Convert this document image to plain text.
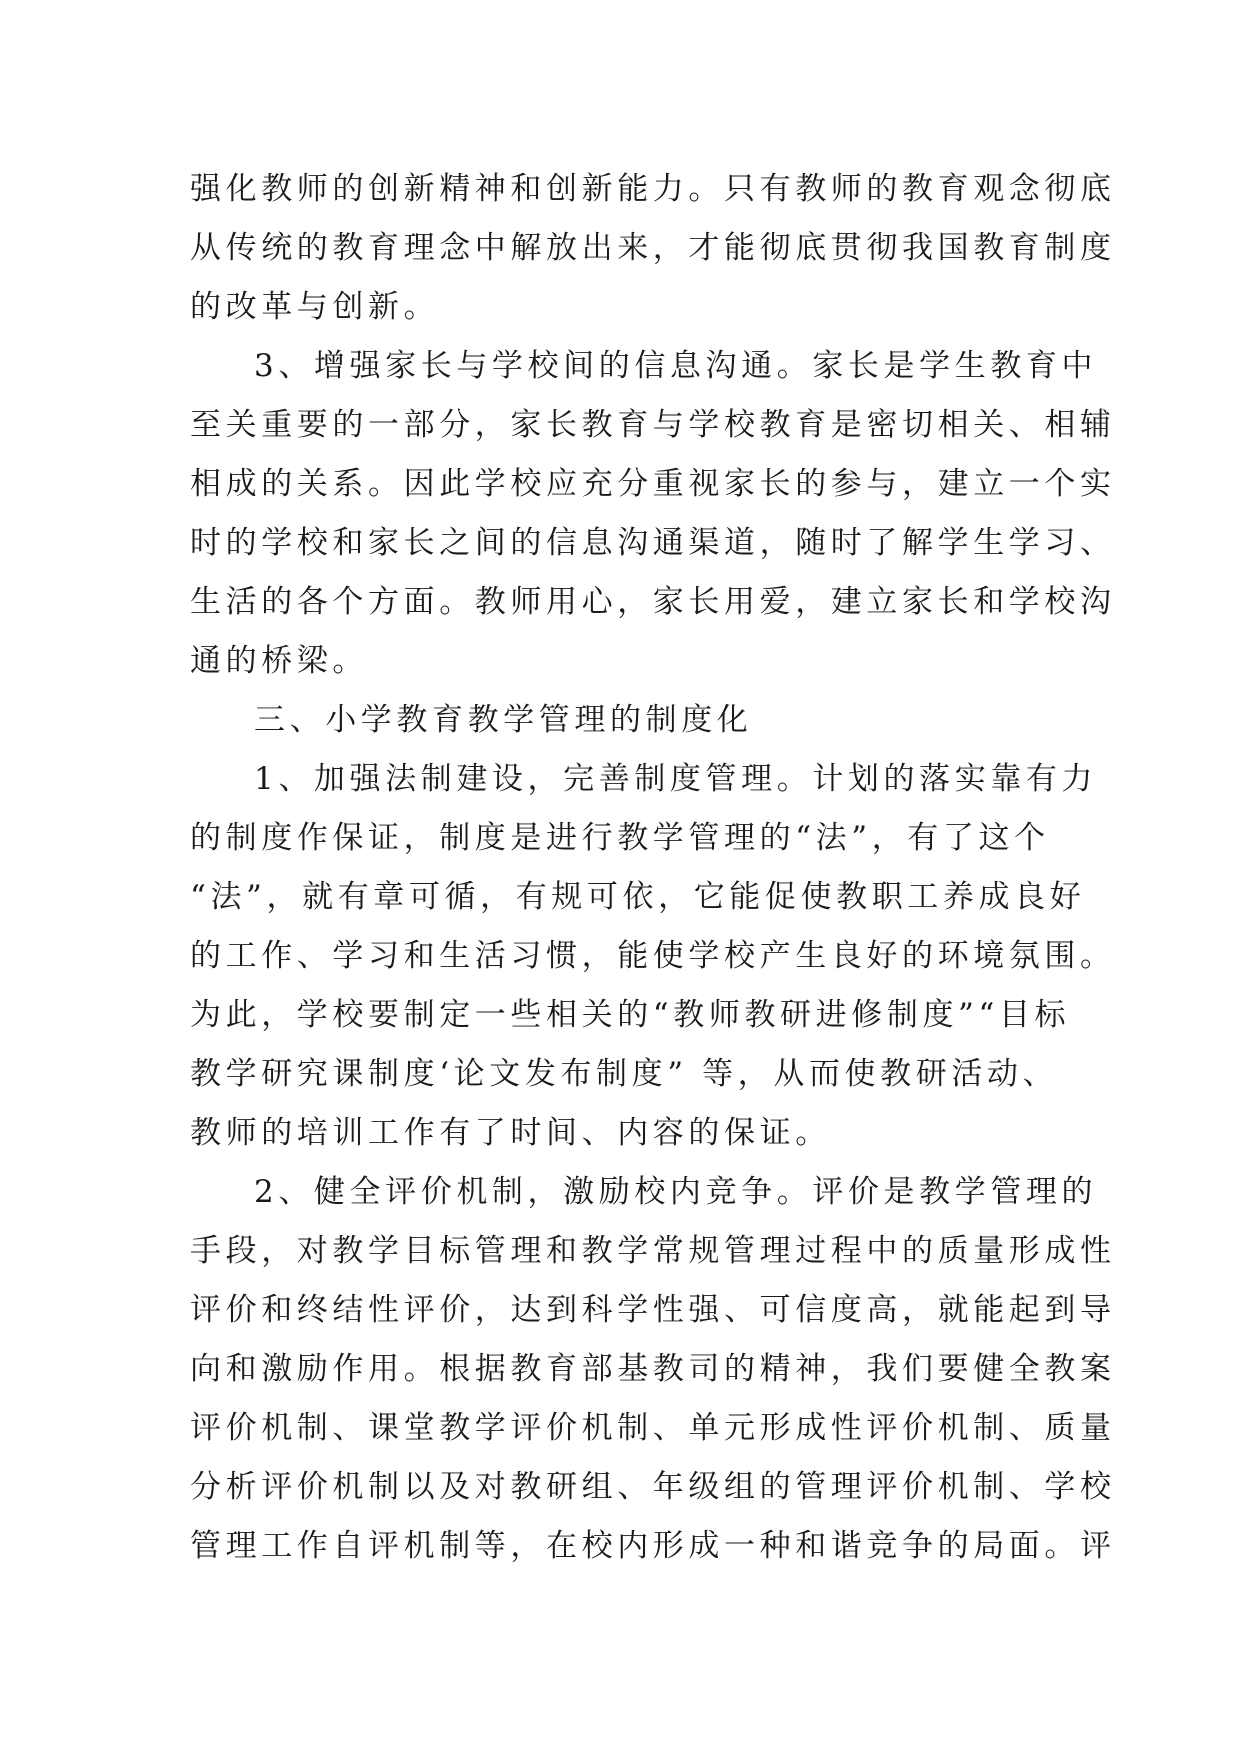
强化教师的创新精神和创新能力。只有教师的教育观念彻底
从传统的教育理念中解放出来，才能彻底贯彻我国教育制度
的改革与创新。
3、增强家长与学校间的信息沟通。家长是学生教育中
至关重要的一部分，家长教育与学校教育是密切相关、相辅
相成的关系。因此学校应充分重视家长的参与，建立一个实
时的学校和家长之间的信息沟通渠道，随时了解学生学习、
生活的各个方面。教师用心，家长用爱，建立家长和学校沟
通的桥梁。
三、小学教育教学管理的制度化
1、加强法制建设，完善制度管理。计划的落实靠有力
的制度作保证，制度是进行教学管理的“法”，有了这个
“法”，就有章可循，有规可依，它能促使教职工养成良好
的工作、学习和生活习惯，能使学校产生良好的环境氛围。
为此，学校要制定一些相关的“教师教研进修制度”“目标
教学研究课制度‘论文发布制度” 等，从而使教研活动、
教师的培训工作有了时间、内容的保证。
2、健全评价机制，激励校内竞争。评价是教学管理的
手段，对教学目标管理和教学常规管理过程中的质量形成性
评价和终结性评价，达到科学性强、可信度高，就能起到导
向和激励作用。根据教育部基教司的精神，我们要健全教案
评价机制、课堂教学评价机制、单元形成性评价机制、质量
分析评价机制以及对教研组、年级组的管理评价机制、学校
管理工作自评机制等，在校内形成一种和谐竞争的局面。评
